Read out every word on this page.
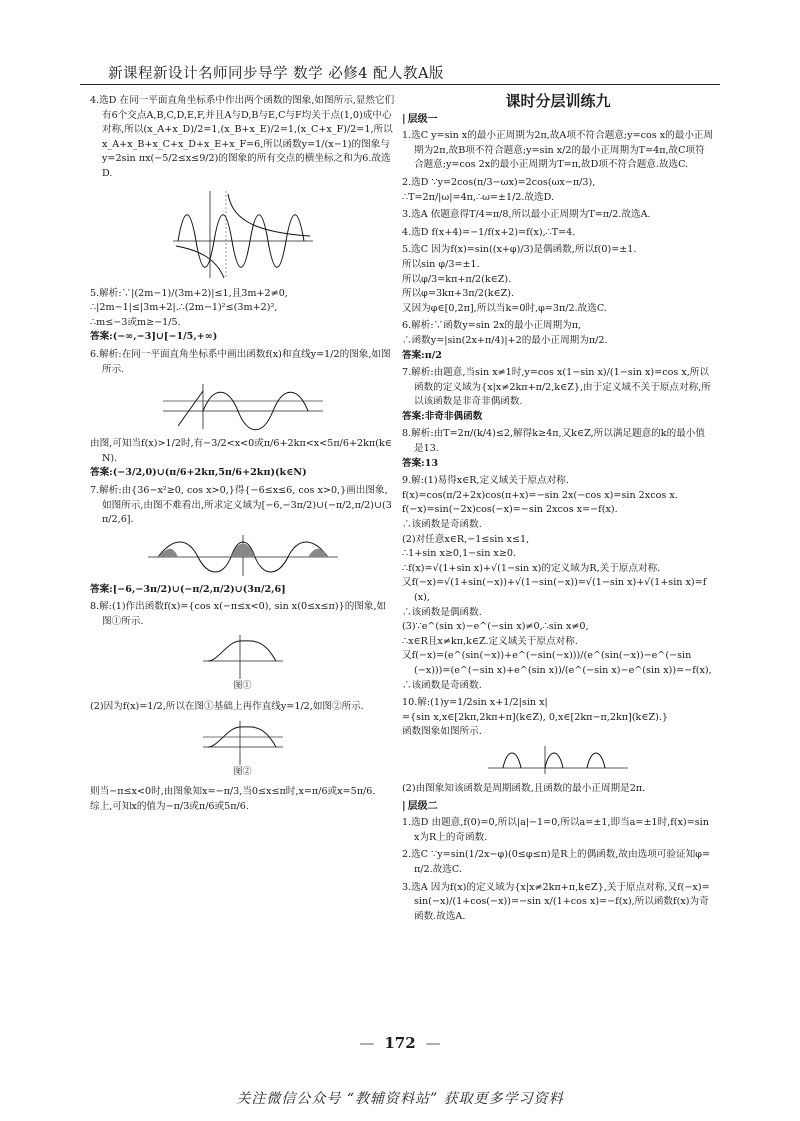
新课程新设计名师同步导学 数学 必修4 配人教A版
4.选D 在同一平面直角坐标系中作出两个函数的图象,如图所示,显然它们有6个交点A,B,C,D,E,F,并且A与D,B与E,C与F均关于点(1,0)成中心对称,所以(x_A+x_D)/2=1,(x_B+x_E)/2=1,(x_C+x_F)/2=1,所以x_A+x_B+x_C+x_D+x_E+x_F=6,所以函数y=1/(x−1)的图象与y=2sin πx(−5/2≤x≤9/2)的图象的所有交点的横坐标之和为6.故选D.
5.解析:∵|(2m−1)/(3m+2)|≤1,且3m+2≠0,
∴|2m−1|≤|3m+2|.∴(2m−1)²≤(3m+2)²,
∴m≤−3或m≥−1/5.
答案:(−∞,−3]∪[−1/5,+∞)
6.解析:在同一平面直角坐标系中画出函数f(x)和直线y=1/2的图象,如图所示.
由图,可知当f(x)>1/2时,有−3/2<x<0或π/6+2kπ<x<5π/6+2kπ(k∈N).
答案:(−3/2,0)∪(π/6+2kπ,5π/6+2kπ)(k∈N)
7.解析:由{36−x²≥0, cos x>0,}得{−6≤x≤6, cos x>0,}画出图象,如图所示,由图不难看出,所求定义域为[−6,−3π/2)∪(−π/2,π/2)∪(3π/2,6].
答案:[−6,−3π/2)∪(−π/2,π/2)∪(3π/2,6]
8.解:(1)作出函数f(x)={cos x(−π≤x<0), sin x(0≤x≤π)}的图象,如图①所示.
图①
(2)因为f(x)=1/2,所以在图①基础上再作直线y=1/2,如图②所示.
图②
则当−π≤x<0时,由图象知x=−π/3,当0≤x≤π时,x=π/6或x=5π/6.
综上,可知x的值为−π/3或π/6或5π/6.
课时分层训练九
| 层级一
1.选C y=sin x的最小正周期为2π,故A项不符合题意;y=cos x的最小正周期为2π,故B项不符合题意;y=sin x/2的最小正周期为T=4π,故C项符合题意;y=cos 2x的最小正周期为T=π,故D项不符合题意.故选C.
2.选D ∵y=2cos(π/3−ωx)=2cos(ωx−π/3),
∴T=2π/|ω|=4π,∴ω=±1/2.故选D.
3.选A 依题意得T/4=π/8,所以最小正周期为T=π/2.故选A.
4.选D f(x+4)=−1/f(x+2)=f(x),∴T=4.
5.选C 因为f(x)=sin((x+φ)/3)是偶函数,所以f(0)=±1.
所以sin φ/3=±1.
所以φ/3=kπ+π/2(k∈Z).
所以φ=3kπ+3π/2(k∈Z).
又因为φ∈[0,2π],所以当k=0时,φ=3π/2.故选C.
6.解析:∵函数y=sin 2x的最小正周期为π,
∴函数y=|sin(2x+π/4)|+2的最小正周期为π/2.
答案:π/2
7.解析:由题意,当sin x≠1时,y=cos x(1−sin x)/(1−sin x)=cos x,所以函数的定义域为{x|x≠2kπ+π/2,k∈Z},由于定义域不关于原点对称,所以该函数是非奇非偶函数.
答案:非奇非偶函数
8.解析:由T=2π/(k/4)≤2,解得k≥4π,又k∈Z,所以满足题意的k的最小值是13.
答案:13
9.解:(1)易得x∈R,定义域关于原点对称.
f(x)=cos(π/2+2x)cos(π+x)=−sin 2x(−cos x)=sin 2xcos x.
f(−x)=sin(−2x)cos(−x)=−sin 2xcos x=−f(x).
∴该函数是奇函数.
(2)对任意x∈R,−1≤sin x≤1,
∴1+sin x≥0,1−sin x≥0.
∴f(x)=√(1+sin x)+√(1−sin x)的定义域为R,关于原点对称.
又f(−x)=√(1+sin(−x))+√(1−sin(−x))=√(1−sin x)+√(1+sin x)=f(x),
∴该函数是偶函数.
(3)∵e^(sin x)−e^(−sin x)≠0,∴sin x≠0,
∴x∈R且x≠kπ,k∈Z.定义域关于原点对称.
又f(−x)=(e^(sin(−x))+e^(−sin(−x)))/(e^(sin(−x))−e^(−sin(−x)))=(e^(−sin x)+e^(sin x))/(e^(−sin x)−e^(sin x))=−f(x),
∴该函数是奇函数.
10.解:(1)y=1/2sin x+1/2|sin x|
={sin x,x∈[2kπ,2kπ+π](k∈Z), 0,x∈[2kπ−π,2kπ](k∈Z).}
函数图象如图所示.
(2)由图象知该函数是周期函数,且函数的最小正周期是2π.
| 层级二
1.选D 由题意,f(0)=0,所以|a|−1=0,所以a=±1,即当a=±1时,f(x)=sin x为R上的奇函数.
2.选C ∵y=sin(1/2x−φ)(0≤φ≤π)是R上的偶函数,故由选项可验证知φ=π/2.故选C.
3.选A 因为f(x)的定义域为{x|x≠2kπ+π,k∈Z},关于原点对称,又f(−x)=sin(−x)/(1+cos(−x))=−sin x/(1+cos x)=−f(x),所以函数f(x)为奇函数.故选A.
— 172 —
关注微信公众号 “教辅资料站” 获取更多学习资料
